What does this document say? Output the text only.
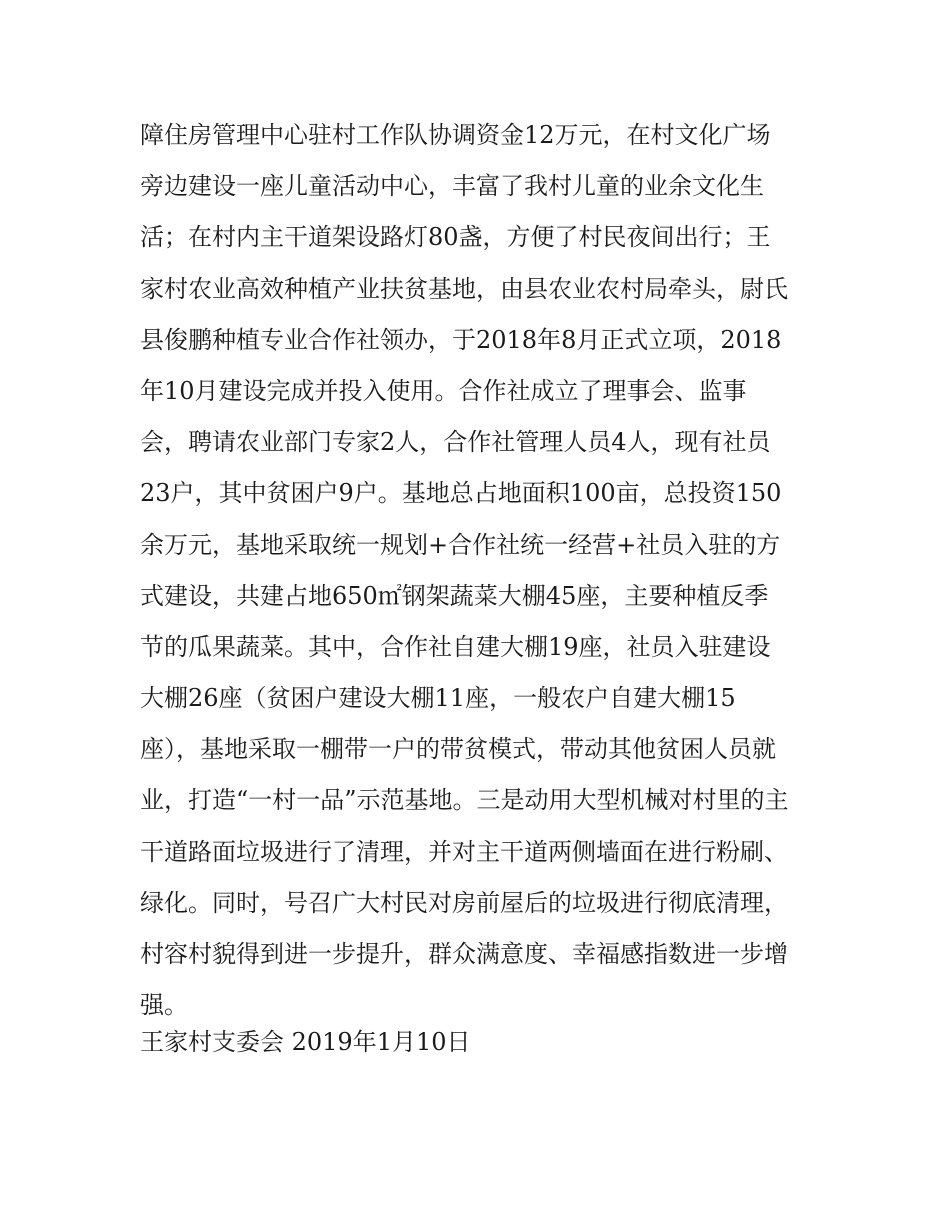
障住房管理中心驻村工作队协调资金12万元，在村文化广场
旁边建设一座儿童活动中心，丰富了我村儿童的业余文化生
活；在村内主干道架设路灯80盏，方便了村民夜间出行；王
家村农业高效种植产业扶贫基地，由县农业农村局牵头，尉氏
县俊鹏种植专业合作社领办，于2018年8月正式立项，2018
年10月建设完成并投入使用。合作社成立了理事会、监事
会，聘请农业部门专家2人，合作社管理人员4人，现有社员
23户，其中贫困户9户。基地总占地面积100亩，总投资150
余万元，基地采取统一规划+合作社统一经营+社员入驻的方
式建设，共建占地650㎡钢架蔬菜大棚45座，主要种植反季
节的瓜果蔬菜。其中，合作社自建大棚19座，社员入驻建设
大棚26座（贫困户建设大棚11座，一般农户自建大棚15
座），基地采取一棚带一户的带贫模式，带动其他贫困人员就
业，打造“一村一品”示范基地。三是动用大型机械对村里的主
干道路面垃圾进行了清理，并对主干道两侧墙面在进行粉刷、
绿化。同时，号召广大村民对房前屋后的垃圾进行彻底清理，
村容村貌得到进一步提升，群众满意度、幸福感指数进一步增
强。

王家村支委会 2019年1月10日
